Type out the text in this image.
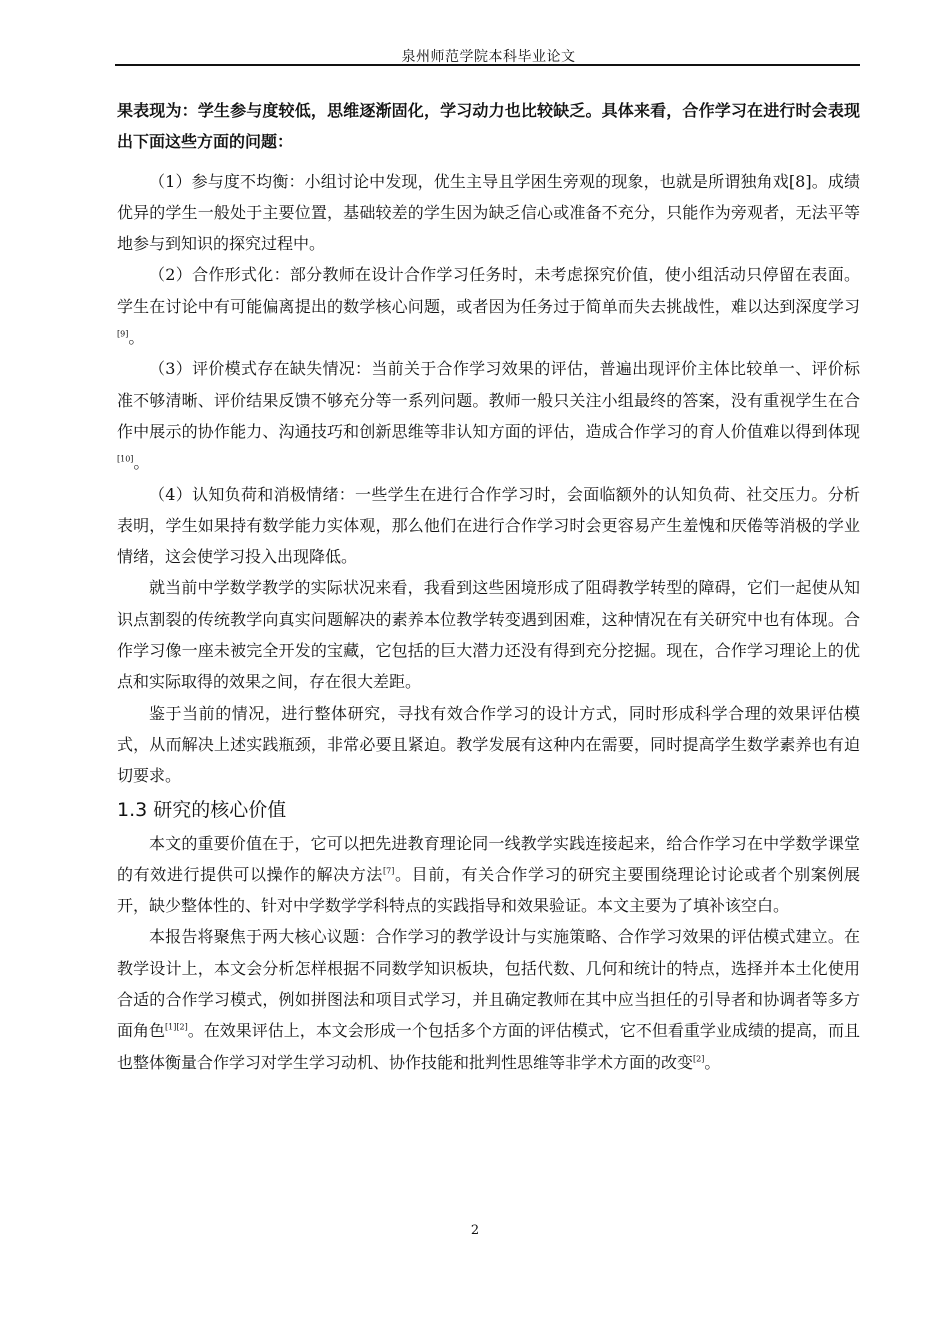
泉州师范学院本科毕业论文

果表现为：学生参与度较低，思维逐渐固化，学习动力也比较缺乏。具体来看，合作学习在进行时会表现出下面这些方面的问题：

（1）参与度不均衡：小组讨论中发现，优生主导且学困生旁观的现象，也就是所谓独角戏[8]。成绩优异的学生一般处于主要位置，基础较差的学生因为缺乏信心或准备不充分，只能作为旁观者，无法平等地参与到知识的探究过程中。

（2）合作形式化：部分教师在设计合作学习任务时，未考虑探究价值，使小组活动只停留在表面。学生在讨论中有可能偏离提出的数学核心问题，或者因为任务过于简单而失去挑战性，难以达到深度学习[9]。

（3）评价模式存在缺失情况：当前关于合作学习效果的评估，普遍出现评价主体比较单一、评价标准不够清晰、评价结果反馈不够充分等一系列问题。教师一般只关注小组最终的答案，没有重视学生在合作中展示的协作能力、沟通技巧和创新思维等非认知方面的评估，造成合作学习的育人价值难以得到体现[10]。

（4）认知负荷和消极情绪：一些学生在进行合作学习时，会面临额外的认知负荷、社交压力。分析表明，学生如果持有数学能力实体观，那么他们在进行合作学习时会更容易产生羞愧和厌倦等消极的学业情绪，这会使学习投入出现降低。

就当前中学数学教学的实际状况来看，我看到这些困境形成了阻碍教学转型的障碍，它们一起使从知识点割裂的传统教学向真实问题解决的素养本位教学转变遇到困难，这种情况在有关研究中也有体现。合作学习像一座未被完全开发的宝藏，它包括的巨大潜力还没有得到充分挖掘。现在，合作学习理论上的优点和实际取得的效果之间，存在很大差距。

鉴于当前的情况，进行整体研究，寻找有效合作学习的设计方式，同时形成科学合理的效果评估模式，从而解决上述实践瓶颈，非常必要且紧迫。教学发展有这种内在需要，同时提高学生数学素养也有迫切要求。

1.3 研究的核心价值

本文的重要价值在于，它可以把先进教育理论同一线教学实践连接起来，给合作学习在中学数学课堂的有效进行提供可以操作的解决方法[7]。目前，有关合作学习的研究主要围绕理论讨论或者个别案例展开，缺少整体性的、针对中学数学学科特点的实践指导和效果验证。本文主要为了填补该空白。

本报告将聚焦于两大核心议题：合作学习的教学设计与实施策略、合作学习效果的评估模式建立。在教学设计上，本文会分析怎样根据不同数学知识板块，包括代数、几何和统计的特点，选择并本土化使用合适的合作学习模式，例如拼图法和项目式学习，并且确定教师在其中应当担任的引导者和协调者等多方面角色[1][2]。在效果评估上，本文会形成一个包括多个方面的评估模式，它不但看重学业成绩的提高，而且也整体衡量合作学习对学生学习动机、协作技能和批判性思维等非学术方面的改变[2]。

2
